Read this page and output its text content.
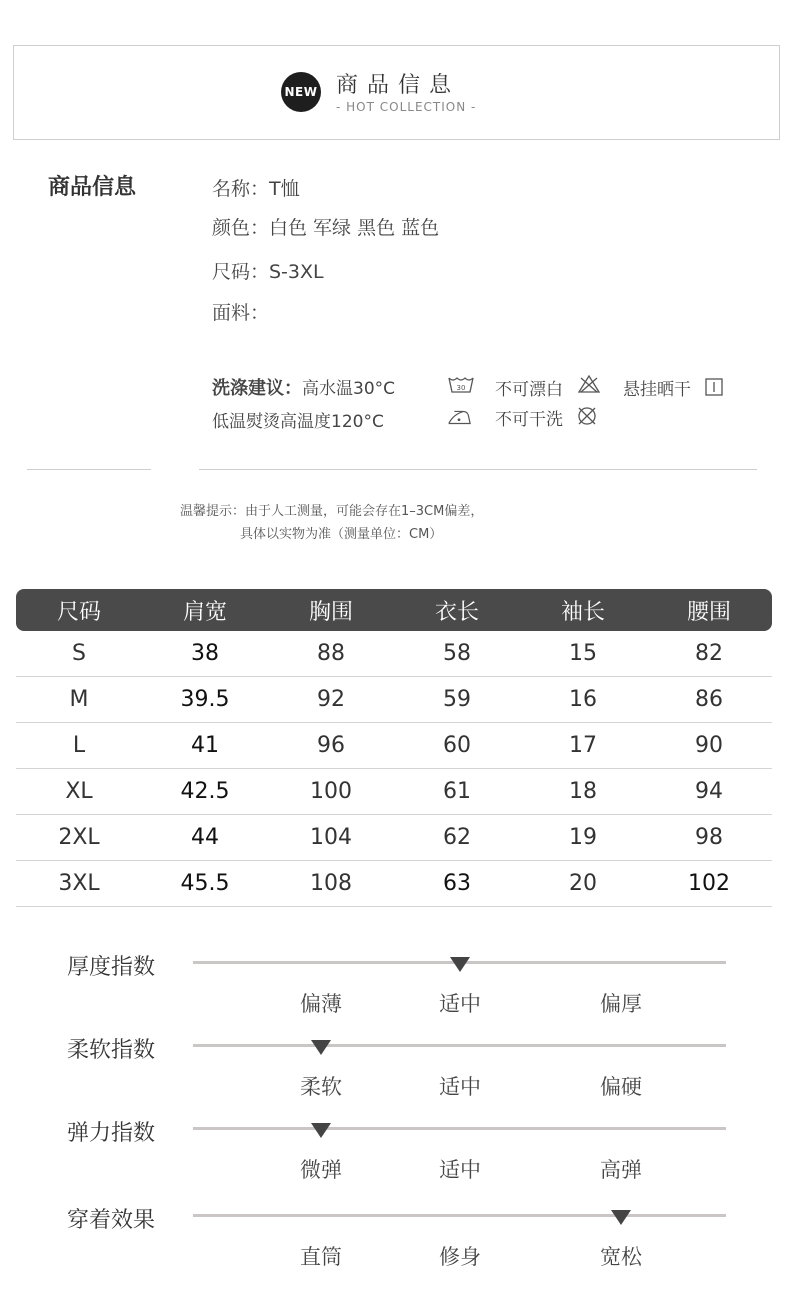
NEW 商品信息
- HOT COLLECTION -
商品信息	名称：T恤
颜色：白色 军绿 黑色 蓝色
尺码：S-3XL
面料：
洗涤建议：高水温30°C	30 不可漂白	悬挂晒干
低温熨烫高温度120°C	不可干洗
温馨提示：由于人工测量，可能会存在1–3CM偏差，
具体以实物为准（测量单位：CM）
尺码	肩宽	胸围	衣长	袖长	腰围
S	38	88	58	15	82
M	39.5	92	59	16	86
L	41	96	60	17	90
XL	42.5	100	61	18	94
2XL	44	104	62	19	98
3XL	45.5	108	63	20	102
厚度指数
偏薄	适中	偏厚
柔软指数
柔软	适中	偏硬
弹力指数
微弹	适中	高弹
穿着效果
直筒	修身	宽松
